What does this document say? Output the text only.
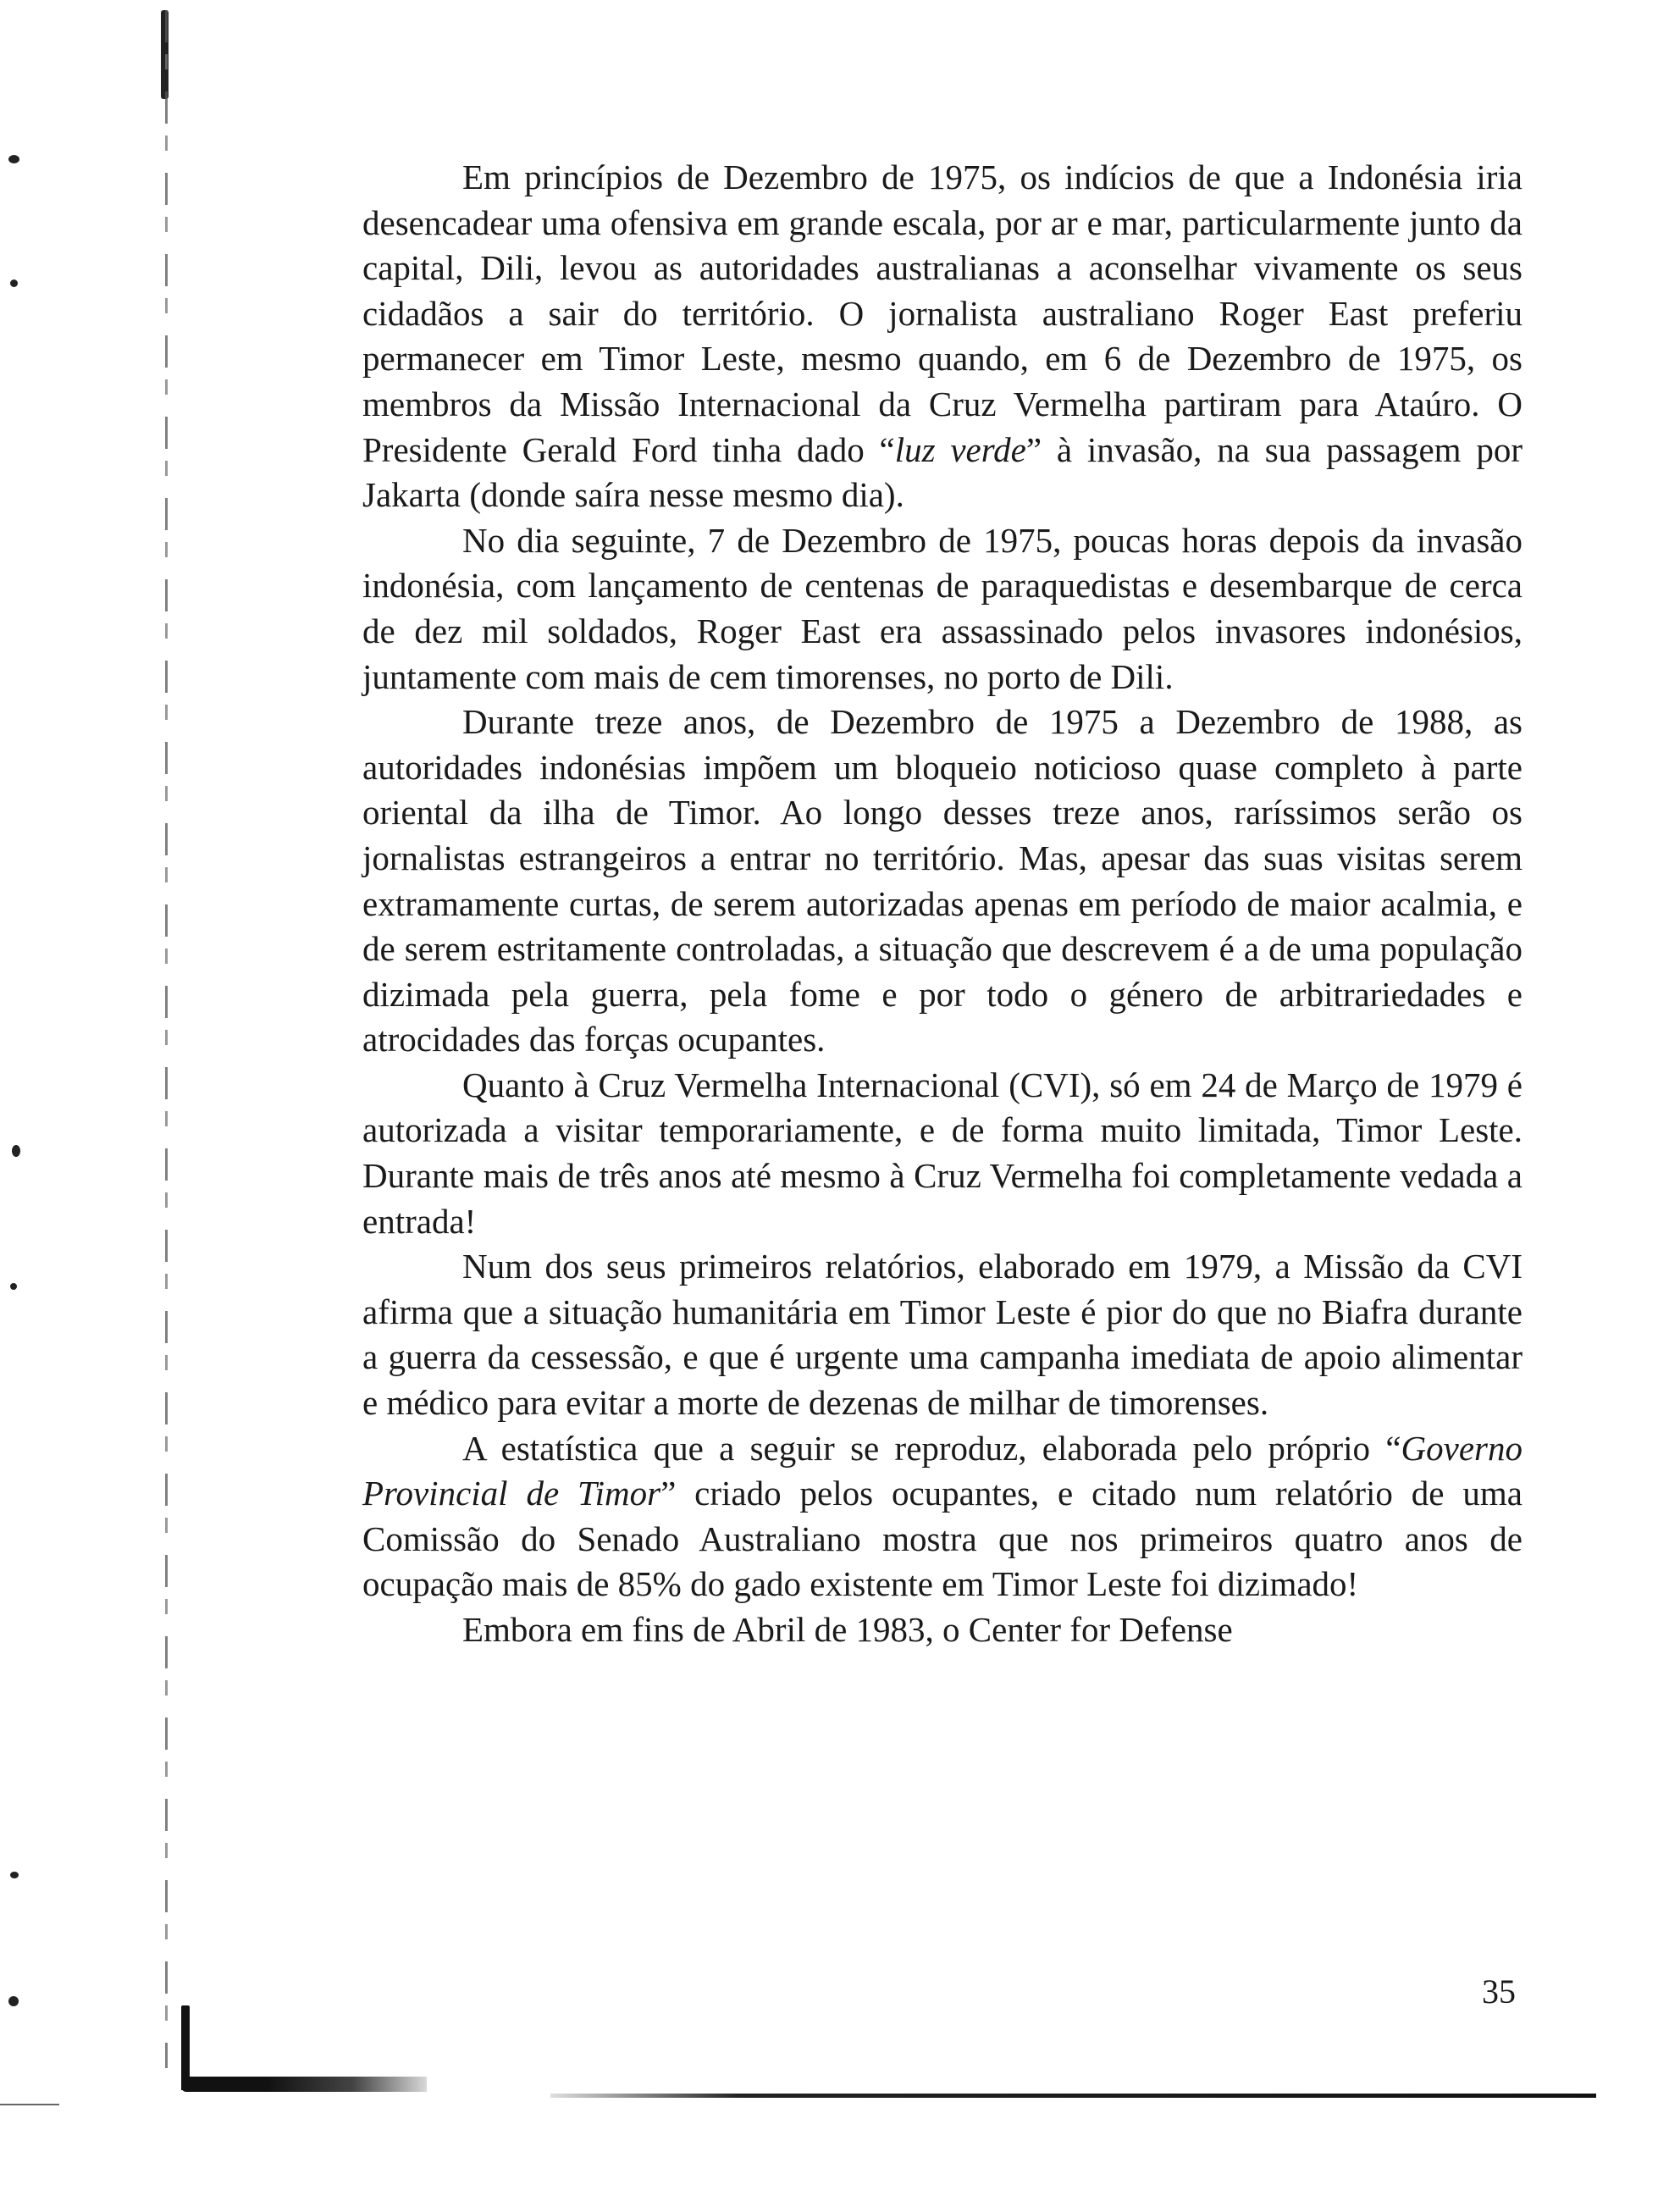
Em princípios de Dezembro de 1975, os indícios de que a Indonésia iria desencadear uma ofensiva em grande escala, por ar e mar, particularmente junto da capital, Dili, levou as autoridades australianas a aconselhar vivamente os seus cidadãos a sair do território. O jornalista australiano Roger East preferiu permanecer em Timor Leste, mesmo quando, em 6 de Dezembro de 1975, os membros da Missão Internacional da Cruz Vermelha partiram para Ataúro. O Presidente Gerald Ford tinha dado “luz verde” à invasão, na sua passagem por Jakarta (donde saíra nesse mesmo dia).

No dia seguinte, 7 de Dezembro de 1975, poucas horas depois da invasão indonésia, com lançamento de centenas de paraquedistas e desembarque de cerca de dez mil soldados, Roger East era assassinado pelos invasores indonésios, juntamente com mais de cem timorenses, no porto de Dili.

Durante treze anos, de Dezembro de 1975 a Dezembro de 1988, as autoridades indonésias impõem um bloqueio noticioso quase completo à parte oriental da ilha de Timor. Ao longo desses treze anos, raríssimos serão os jornalistas estrangeiros a entrar no território. Mas, apesar das suas visitas serem extramamente curtas, de serem autorizadas apenas em período de maior acalmia, e de serem estritamente controladas, a situação que descrevem é a de uma população dizimada pela guerra, pela fome e por todo o género de arbitrariedades e atrocidades das forças ocupantes.

Quanto à Cruz Vermelha Internacional (CVI), só em 24 de Março de 1979 é autorizada a visitar temporariamente, e de forma muito limitada, Timor Leste. Durante mais de três anos até mesmo à Cruz Vermelha foi completamente vedada a entrada!

Num dos seus primeiros relatórios, elaborado em 1979, a Missão da CVI afirma que a situação humanitária em Timor Leste é pior do que no Biafra durante a guerra da cessessão, e que é urgente uma campanha imediata de apoio alimentar e médico para evitar a morte de dezenas de milhar de timorenses.

A estatística que a seguir se reproduz, elaborada pelo próprio “Governo Provincial de Timor” criado pelos ocupantes, e citado num relatório de uma Comissão do Senado Australiano mostra que nos primeiros quatro anos de ocupação mais de 85% do gado existente em Timor Leste foi dizimado!

Embora em fins de Abril de 1983, o Center for Defense

35
